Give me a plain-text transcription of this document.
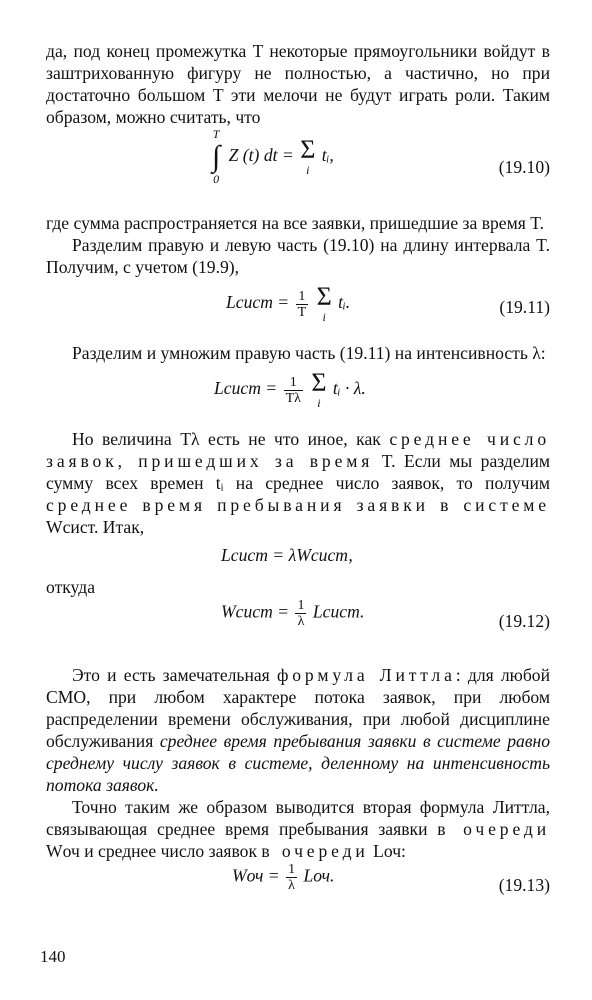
да, под конец промежутка T некоторые прямоугольники войдут в заштрихованную фигуру не полностью, а частично, но при достаточно большом T эти мелочи не будут играть роли. Таким образом, можно считать, что

T
∫
0
Z (t) dt = Σ
i
tᵢ,
(19.10)

где сумма распространяется на все заявки, пришедшие за время T.

Разделим правую и левую часть (19.10) на длину интервала T. Получим, с учетом (19.9),

Lсист = $\frac{1}{T}$
Σ
i
tᵢ.	(19.11)

Разделим и умножим правую часть (19.11) на интенсивность λ:

Lсист = $\frac{1}{T\lambda}$
Σ
i
tᵢ · λ.

Но величина Tλ есть не что иное, как среднее число заявок, пришедших за время T. Если мы разделим сумму всех времен tᵢ на среднее число заявок, то получим среднее время пребывания заявки в системе Wсист. Итак,

Lсист = λWсист,

откуда

Wсист = $\frac{1}{\lambda}$ Lсист.	(19.12)

Это и есть замечательная формула Литтла: для любой СМО, при любом характере потока заявок, при любом распределении времени обслуживания, при любой дисциплине обслуживания среднее время пребывания заявки в системе равно среднему числу заявок в системе, деленному на интенсивность потока заявок.

Точно таким же образом выводится вторая формула Литтла, связывающая среднее время пребывания заявки в очереди Wоч и среднее число заявок в очереди Lоч:

Wоч = $\frac{1}{\lambda}$ Lоч.	(19.13)
140
